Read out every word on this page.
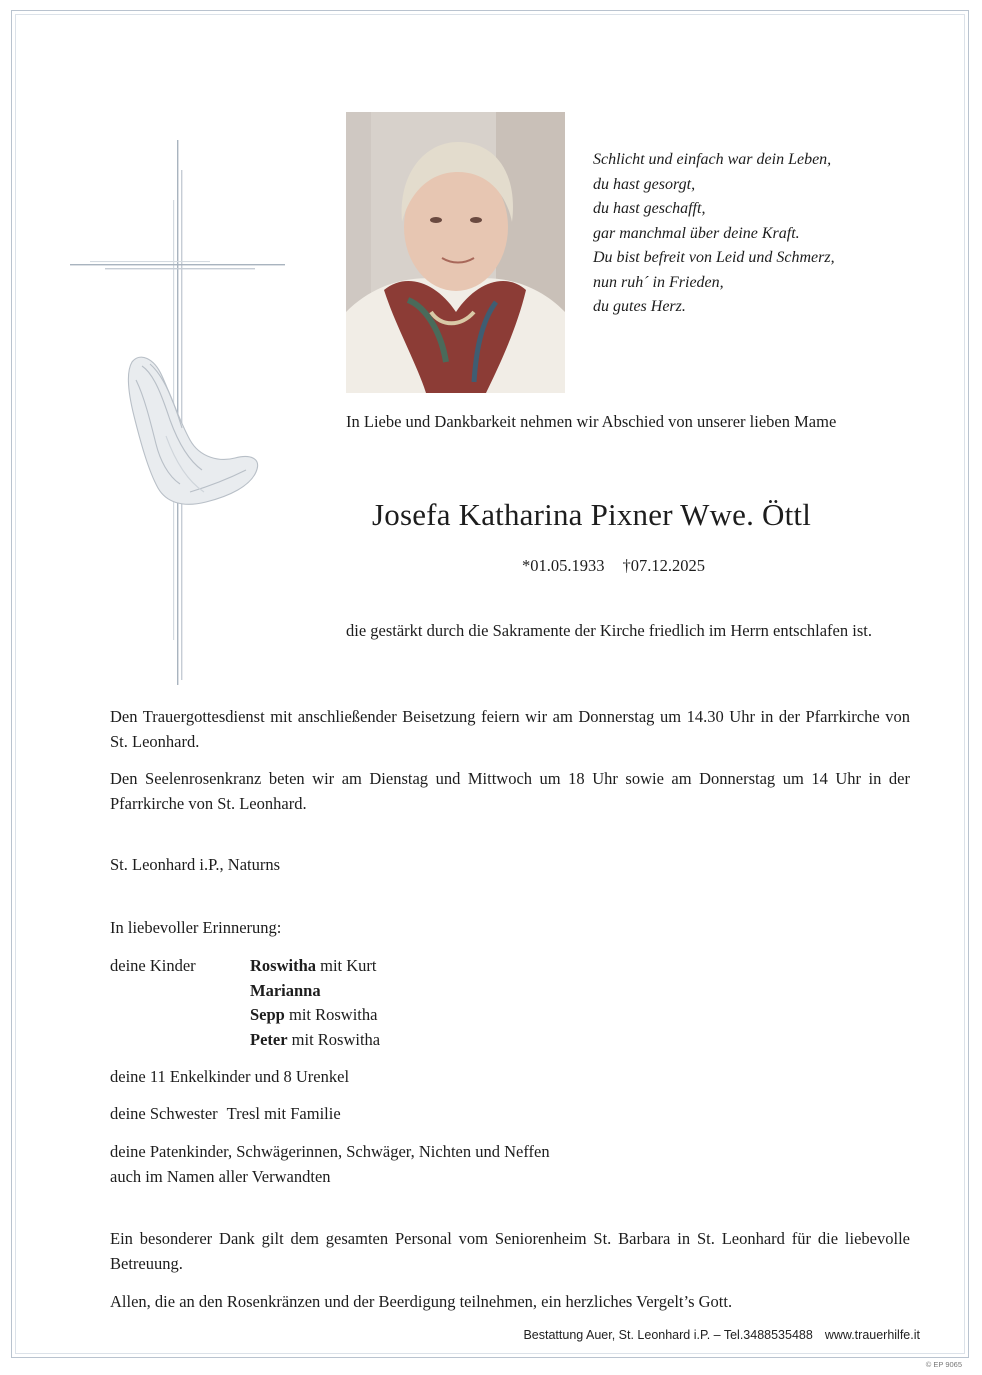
Schlicht und einfach war dein Leben,
du hast gesorgt,
du hast geschafft,
gar manchmal über deine Kraft.
Du bist befreit von Leid und Schmerz,
nun ruh´ in Frieden,
du gutes Herz.
In Liebe und Dankbarkeit nehmen wir Abschied von unserer lieben Mame
Josefa Katharina Pixner Wwe. Öttl
*01.05.1933 †07.12.2025
die gestärkt durch die Sakramente der Kirche friedlich im Herrn entschlafen ist.
Den Trauergottesdienst mit anschließender Beisetzung feiern wir am Donnerstag um 14.30 Uhr in der Pfarrkirche von St. Leonhard.
Den Seelenrosenkranz beten wir am Dienstag und Mittwoch um 18 Uhr sowie am Donnerstag um 14 Uhr in der Pfarrkirche von St. Leonhard.
St. Leonhard i.P., Naturns
In liebevoller Erinnerung:
deine Kinder	Roswitha mit Kurt
Marianna
Sepp mit Roswitha
Peter mit Roswitha
deine 11 Enkelkinder und 8 Urenkel
deine Schwester Tresl mit Familie
deine Patenkinder, Schwägerinnen, Schwäger, Nichten und Neffen
auch im Namen aller Verwandten
Ein besonderer Dank gilt dem gesamten Personal vom Seniorenheim St. Barbara in St. Leonhard für die liebevolle Betreuung.
Allen, die an den Rosenkränzen und der Beerdigung teilnehmen, ein herzliches Vergelt’s Gott.
Bestattung Auer, St. Leonhard i.P. – Tel.3488535488 www.trauerhilfe.it
© EP 9065
